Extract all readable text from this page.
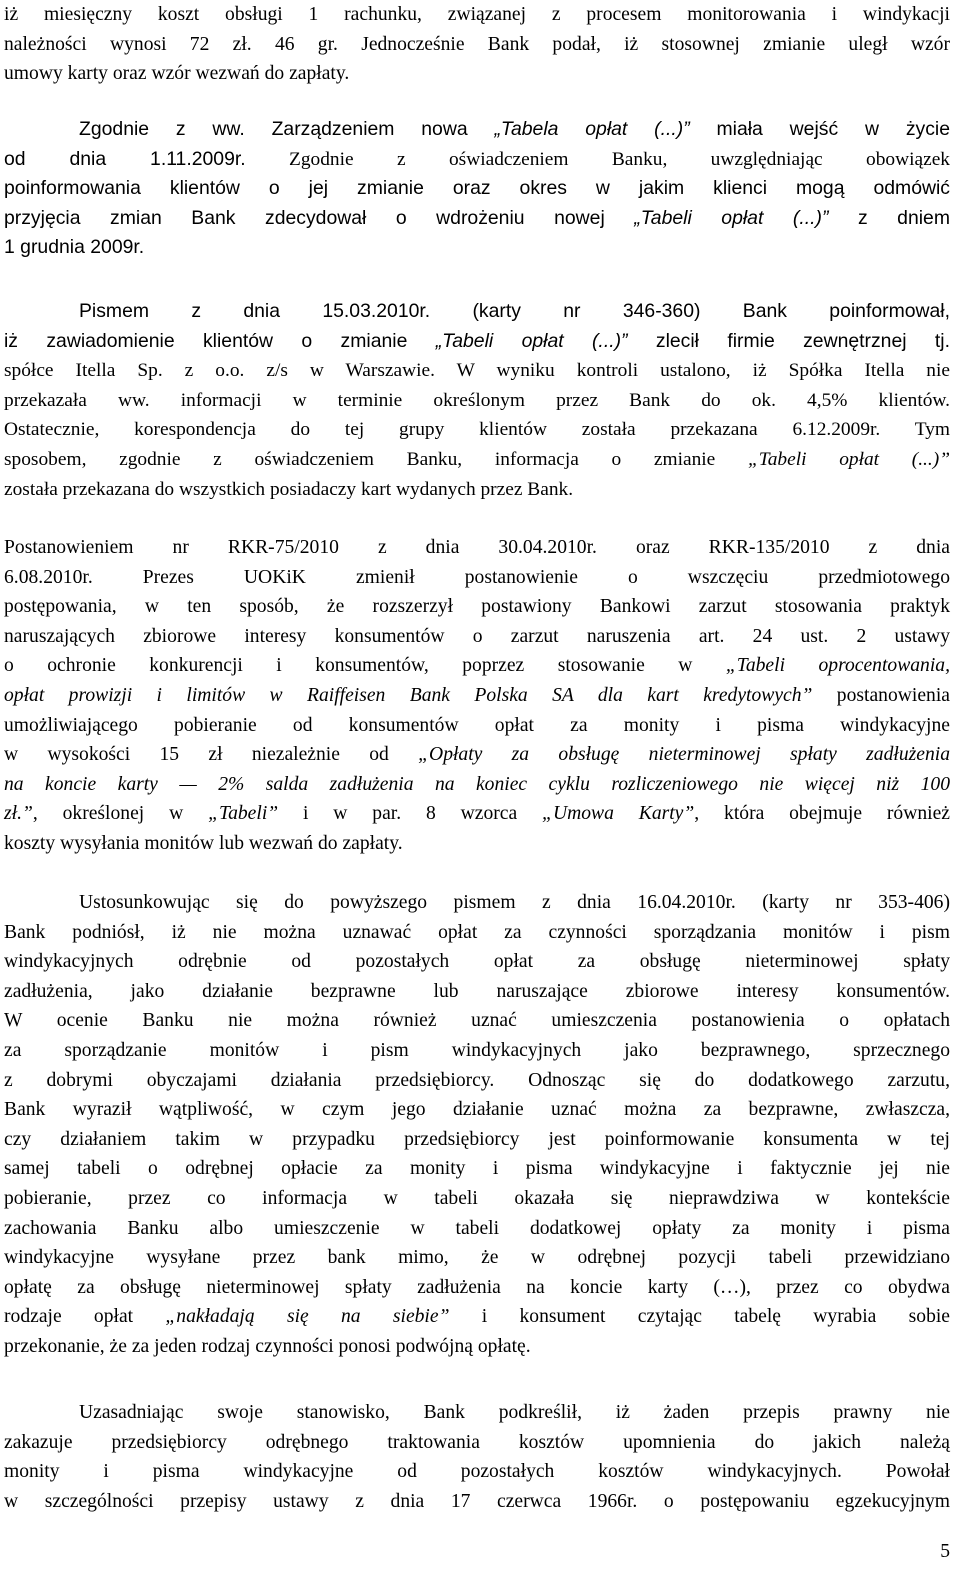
iż miesięczny koszt obsługi 1 rachunku, związanej z procesem monitorowania i windykacji
należności wynosi 72 zł. 46 gr. Jednocześnie Bank podał, iż stosownej zmianie uległ wzór
umowy karty oraz wzór wezwań do zapłaty.
Zgodnie z ww. Zarządzeniem nowa „Tabela opłat (...)” miała wejść w życie
od dnia 1.11.2009r. Zgodnie z oświadczeniem Banku, uwzględniając obowiązek
poinformowania klientów o jej zmianie oraz okres w jakim klienci mogą odmówić
przyjęcia zmian Bank zdecydował o wdrożeniu nowej „Tabeli opłat (...)” z dniem
1 grudnia 2009r.
Pismem z dnia 15.03.2010r. (karty nr 346-360) Bank poinformował,
iż zawiadomienie klientów o zmianie „Tabeli opłat (...)” zlecił firmie zewnętrznej tj.
spółce Itella Sp. z o.o. z/s w Warszawie. W wyniku kontroli ustalono, iż Spółka Itella nie
przekazała ww. informacji w terminie określonym przez Bank do ok. 4,5% klientów.
Ostatecznie, korespondencja do tej grupy klientów została przekazana 6.12.2009r. Tym
sposobem, zgodnie z oświadczeniem Banku, informacja o zmianie „Tabeli opłat (...)”
została przekazana do wszystkich posiadaczy kart wydanych przez Bank.
Postanowieniem nr RKR-75/2010 z dnia 30.04.2010r. oraz RKR-135/2010 z dnia
6.08.2010r. Prezes UOKiK zmienił postanowienie o wszczęciu przedmiotowego
postępowania, w ten sposób, że rozszerzył postawiony Bankowi zarzut stosowania praktyk
naruszających zbiorowe interesy konsumentów o zarzut naruszenia art. 24 ust. 2 ustawy
o ochronie konkurencji i konsumentów, poprzez stosowanie w „Tabeli oprocentowania,
opłat prowizji i limitów w Raiffeisen Bank Polska SA dla kart kredytowych” postanowienia
umożliwiającego pobieranie od konsumentów opłat za monity i pisma windykacyjne
w wysokości 15 zł niezależnie od „Opłaty za obsługę nieterminowej spłaty zadłużenia
na koncie karty — 2% salda zadłużenia na koniec cyklu rozliczeniowego nie więcej niż 100
zł.”, określonej w „Tabeli” i w par. 8 wzorca „Umowa Karty”, która obejmuje również
koszty wysyłania monitów lub wezwań do zapłaty.
Ustosunkowując się do powyższego pismem z dnia 16.04.2010r. (karty nr 353-406)
Bank podniósł, iż nie można uznawać opłat za czynności sporządzania monitów i pism
windykacyjnych odrębnie od pozostałych opłat za obsługę nieterminowej spłaty
zadłużenia, jako działanie bezprawne lub naruszające zbiorowe interesy konsumentów.
W ocenie Banku nie można również uznać umieszczenia postanowienia o opłatach
za sporządzanie monitów i pism windykacyjnych jako bezprawnego, sprzecznego
z dobrymi obyczajami działania przedsiębiorcy. Odnosząc się do dodatkowego zarzutu,
Bank wyraził wątpliwość, w czym jego działanie uznać można za bezprawne, zwłaszcza,
czy działaniem takim w przypadku przedsiębiorcy jest poinformowanie konsumenta w tej
samej tabeli o odrębnej opłacie za monity i pisma windykacyjne i faktycznie jej nie
pobieranie, przez co informacja w tabeli okazała się nieprawdziwa w kontekście
zachowania Banku albo umieszczenie w tabeli dodatkowej opłaty za monity i pisma
windykacyjne wysyłane przez bank mimo, że w odrębnej pozycji tabeli przewidziano
opłatę za obsługę nieterminowej spłaty zadłużenia na koncie karty (…), przez co obydwa
rodzaje opłat „nakładają się na siebie” i konsument czytając tabelę wyrabia sobie
przekonanie, że za jeden rodzaj czynności ponosi podwójną opłatę.
Uzasadniając swoje stanowisko, Bank podkreślił, iż żaden przepis prawny nie
zakazuje przedsiębiorcy odrębnego traktowania kosztów upomnienia do jakich należą
monity i pisma windykacyjne od pozostałych kosztów windykacyjnych. Powołał
w szczególności przepisy ustawy z dnia 17 czerwca 1966r. o postępowaniu egzekucyjnym
5
